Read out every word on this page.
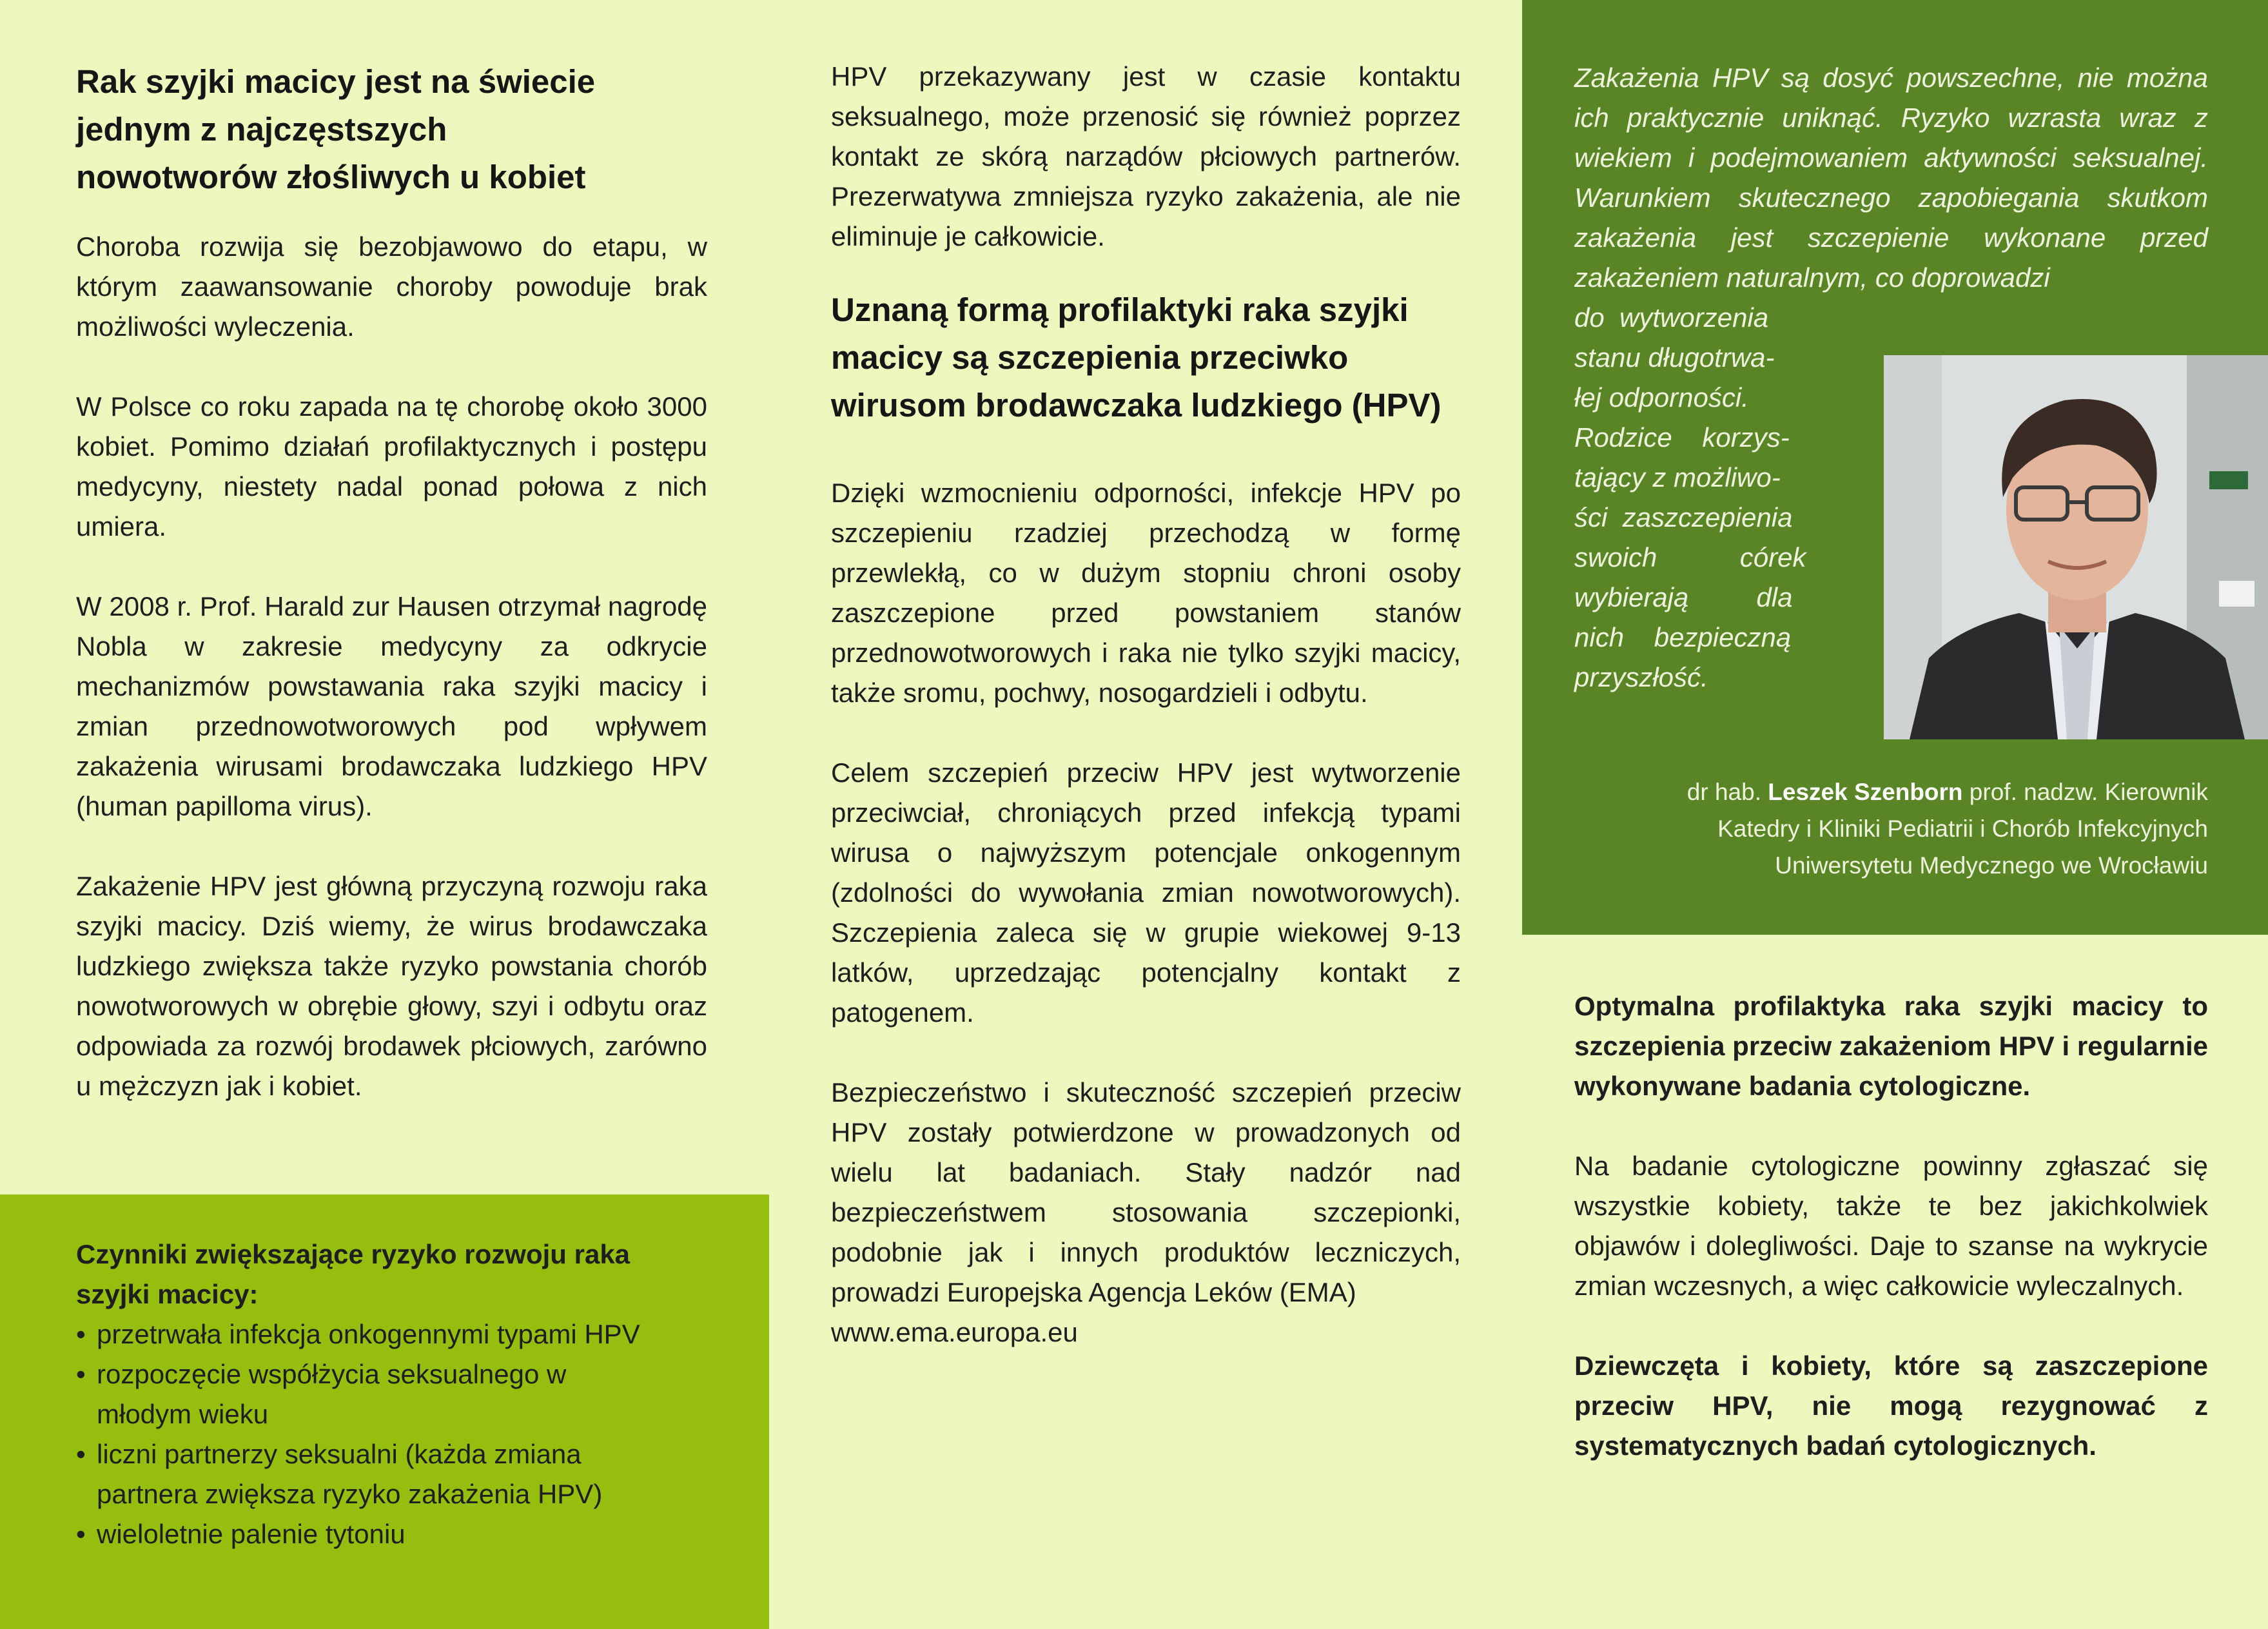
Rak szyjki macicy jest na świecie
jednym z najczęstszych
nowotworów złośliwych u kobiet

Choroba rozwija się bezobjawowo do etapu, w którym zaawansowanie choroby powoduje brak możliwości wyleczenia.

W Polsce co roku zapada na tę chorobę około 3000 kobiet. Pomimo działań profilaktycznych i postępu medycyny, niestety nadal ponad połowa z nich umiera.

W 2008 r. Prof. Harald zur Hausen otrzymał nagrodę Nobla w zakresie medycyny za odkrycie mechanizmów powstawania raka szyjki macicy i zmian przednowotworowych pod wpływem zakażenia wirusami brodawczaka ludzkiego HPV (human papilloma virus).

Zakażenie HPV jest główną przyczyną rozwoju raka szyjki macicy. Dziś wiemy, że wirus brodawczaka ludzkiego zwiększa także ryzyko powstania chorób nowotworowych w obrębie głowy, szyi i odbytu oraz odpowiada za rozwój brodawek płciowych, zarówno u mężczyzn jak i kobiet.

Czynniki zwiększające ryzyko rozwoju raka
szyjki macicy:
• przetrwała infekcja onkogennymi typami HPV
• rozpoczęcie współżycia seksualnego w młodym wieku
• liczni partnerzy seksualni (każda zmiana partnera zwiększa ryzyko zakażenia HPV)
• wieloletnie palenie tytoniu

HPV przekazywany jest w czasie kontaktu seksualnego, może przenosić się również poprzez kontakt ze skórą narządów płciowych partnerów. Prezerwatywa zmniejsza ryzyko zakażenia, ale nie eliminuje je całkowicie.

Uznaną formą profilaktyki raka szyjki
macicy są szczepienia przeciwko
wirusom brodawczaka ludzkiego (HPV)

Dzięki wzmocnieniu odporności, infekcje HPV po szczepieniu rzadziej przechodzą w formę przewlekłą, co w dużym stopniu chroni osoby zaszczepione przed powstaniem stanów przednowotworowych i raka nie tylko szyjki macicy, także sromu, pochwy, nosogardzieli i odbytu.

Celem szczepień przeciw HPV jest wytworzenie przeciwciał, chroniących przed infekcją typami wirusa o najwyższym potencjale onkogennym (zdolności do wywołania zmian nowotworowych). Szczepienia zaleca się w grupie wiekowej 9-13 latków, uprzedzając potencjalny kontakt z patogenem.

Bezpieczeństwo i skuteczność szczepień przeciw HPV zostały potwierdzone w prowadzonych od wielu lat badaniach. Stały nadzór nad bezpieczeństwem stosowania szczepionki, podobnie jak i innych produktów leczniczych, prowadzi Europejska Agencja Leków (EMA)

www.ema.europa.eu

Zakażenia HPV są dosyć powszechne, nie można ich praktycznie uniknąć. Ryzyko wzrasta wraz z wiekiem i podejmowaniem aktywności seksualnej. Warunkiem skutecznego zapobiegania skutkom zakażenia jest szczepienie wykonane przed zakażeniem naturalnym, co doprowadzi

do  wytworzenia
stanu długotrwa-
łej odporności.
Rodzice    korzys-
tający z możliwo-
ści  zaszczepienia
swoich           córek
wybierają         dla
nich    bezpieczną
przyszłość.
dr hab. Leszek Szenborn prof. nadzw. Kierownik
Katedry i Kliniki Pediatrii i Chorób Infekcyjnych
Uniwersytetu Medycznego we Wrocławiu

Optymalna profilaktyka raka szyjki macicy to szczepienia przeciw zakażeniom HPV i regularnie wykonywane badania cytologiczne.

Na badanie cytologiczne powinny zgłaszać się wszystkie kobiety, także te bez jakichkolwiek objawów i dolegliwości. Daje to szanse na wykrycie zmian wczesnych, a więc całkowicie wyleczalnych.

Dziewczęta i kobiety, które są zaszczepione przeciw HPV, nie mogą rezygnować z systematycznych badań cytologicznych.
